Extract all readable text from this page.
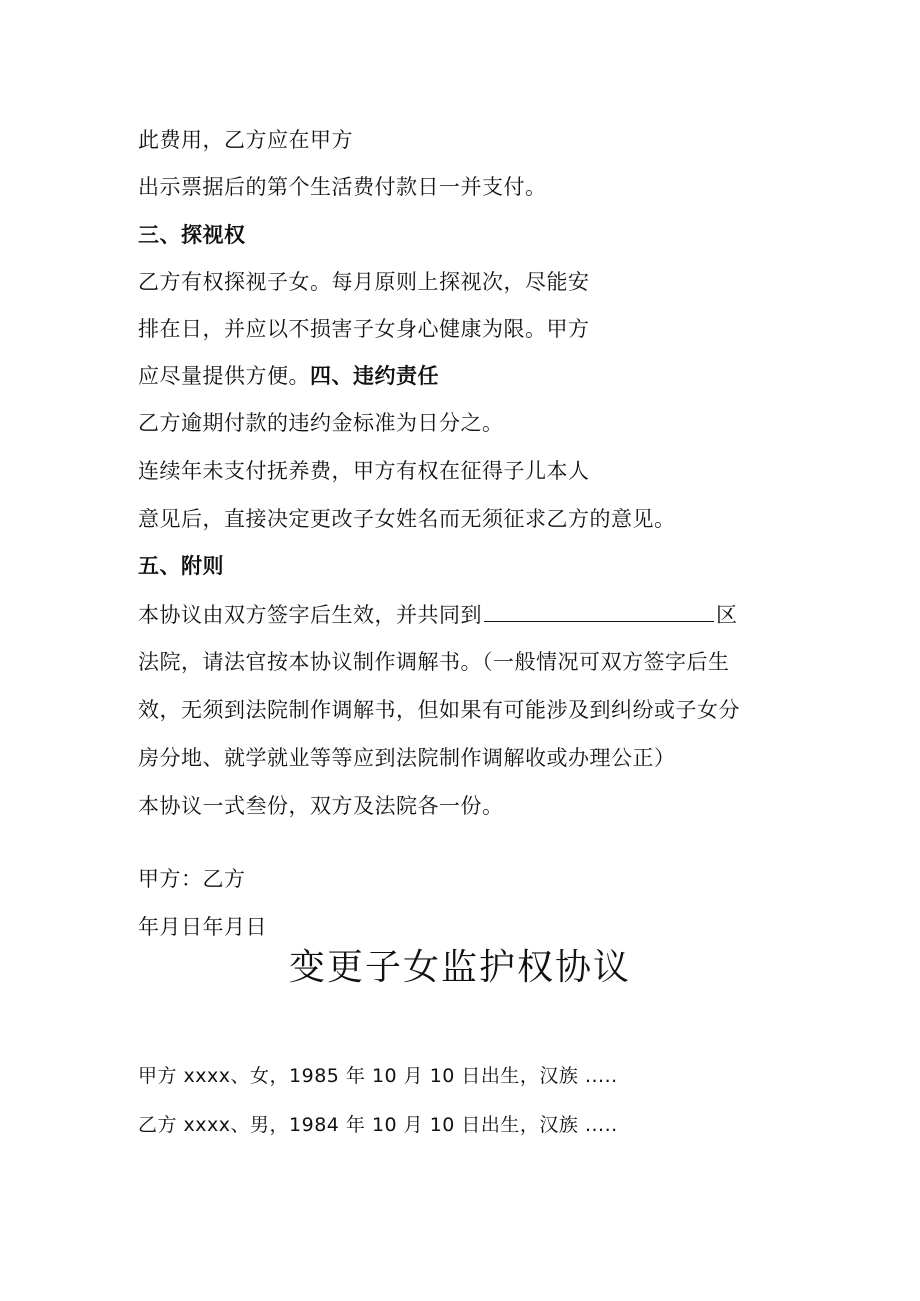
此费用，乙方应在甲方
出示票据后的第个生活费付款日一并支付。
三、探视权
乙方有权探视子女。每月原则上探视次，尽能安
排在日，并应以不损害子女身心健康为限。甲方
应尽量提供方便。四、违约责任
乙方逾期付款的违约金标准为日分之。
连续年未支付抚养费，甲方有权在征得子儿本人
意见后，直接决定更改子女姓名而无须征求乙方的意见。
五、附则
本协议由双方签字后生效，并共同到	区
法院，请法官按本协议制作调解书。（一般情况可双方签字后生
效，无须到法院制作调解书，但如果有可能涉及到纠纷或子女分
房分地、就学就业等等应到法院制作调解收或办理公正）
本协议一式叁份，双方及法院各一份。
甲方：乙方
年月日年月日
变更子女监护权协议
甲方 xxxx、女，1985 年 10 月 10 日出生，汉族 .....
乙方 xxxx、男，1984 年 10 月 10 日出生，汉族 .....
